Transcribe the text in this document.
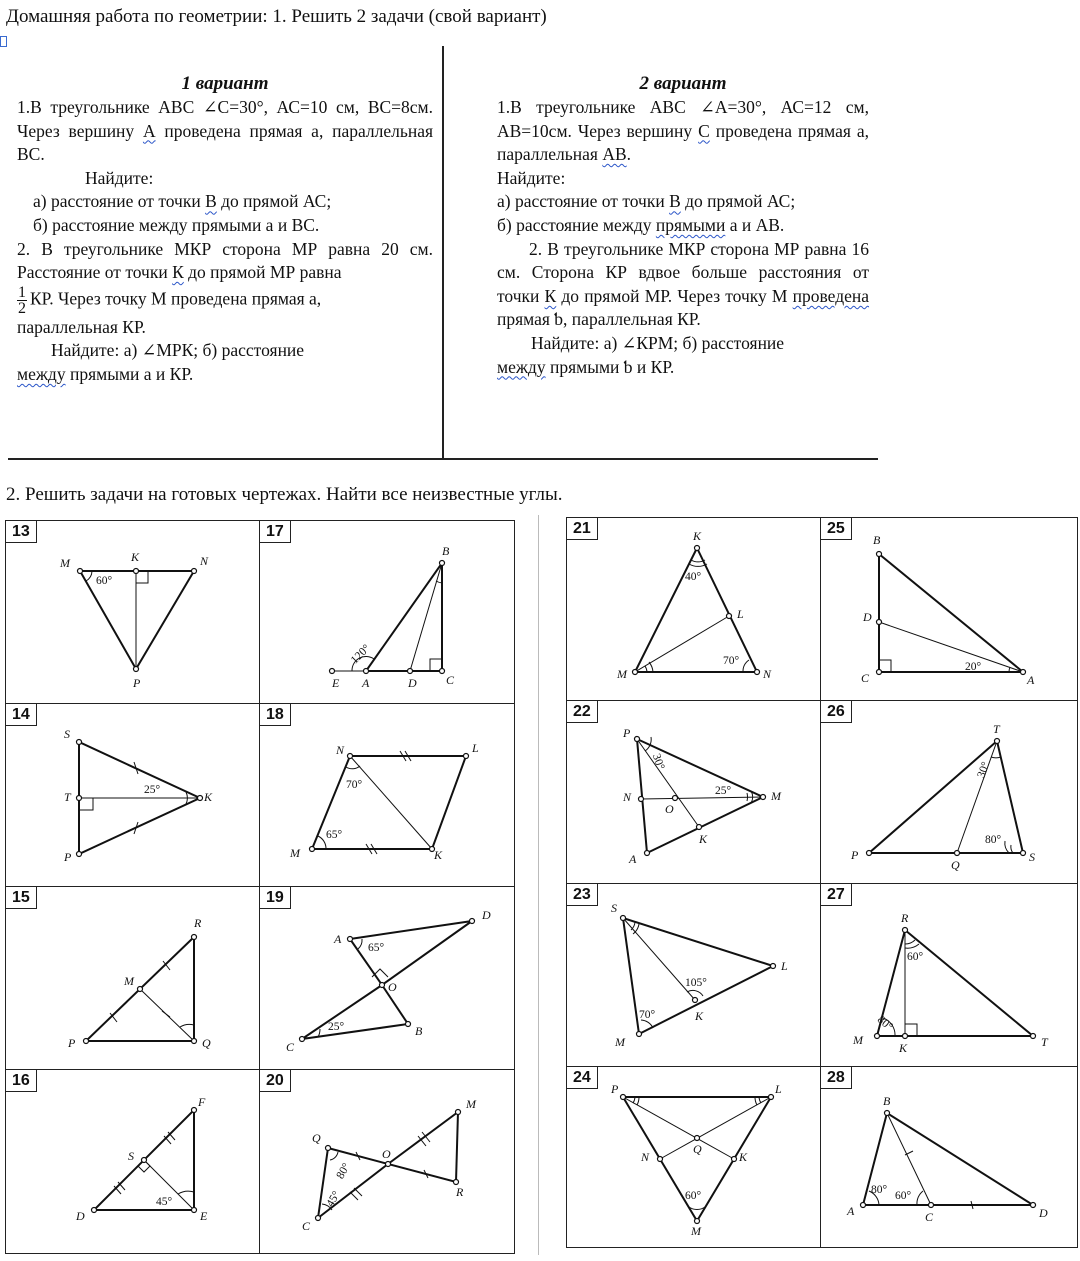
Домашняя работа по геометрии: 1. Решить 2 задачи (свой вариант)

1 вариант

1.В треугольнике АВС ∠С=30°, АС=10 см, ВС=8см. Через вершину А проведена прямая а, параллельная ВС.

Найдите:

а) расстояние от точки В до прямой АС;

б) расстояние между прямыми а и ВС.

2. В треугольнике МКР сторона МР равна 20 см. Расстояние от точки К до прямой МР равна

$\frac{1}{2}$ КР. Через точку М проведена прямая а,
параллельная КР.

Найдите: а) ∠МРК; б) расстояние

между прямыми а и КР.

2 вариант

1.В треугольнике АВС ∠А=30°, АС=12 см, АВ=10см. Через вершину С проведена прямая а, параллельная АВ.

Найдите:

а) расстояние от точки В до прямой АС;

б) расстояние между прямыми а и АВ.

2. В треугольнике МКР сторона МР равна 16 см. Сторона КР вдвое больше расстояния от точки К до прямой МР. Через точку М проведена прямая ƅ, параллельная КР.

Найдите: а) ∠КРМ; б) расстояние

между прямыми ƅ и КР.

2. Решить задачи на готовых чертежах. Найти все неизвестные углы.
13
M	K	N
P
60°
17
B
E A	D C
120°
14
S
T	K
P
25°
18
N	L
M	K
70°
65°
15
R
M
P	Q
19
A
D
O
C
B
65°
25°
16
F
S
D	E
45°
20
Q
M
O
R
C
80°
45°
21	K
L
M	N
40°
70°
25
B
D
C	A
20°
22
P
N
O
M
K
A
30°
25°
26
T
P
Q
S
30°
80°
23
S
L
K
M
105°
70°
27
R
M
K	T
60°
80°
24
P	L
Q
N	K
M
60°
28
B
A	C	D
80° 60°
